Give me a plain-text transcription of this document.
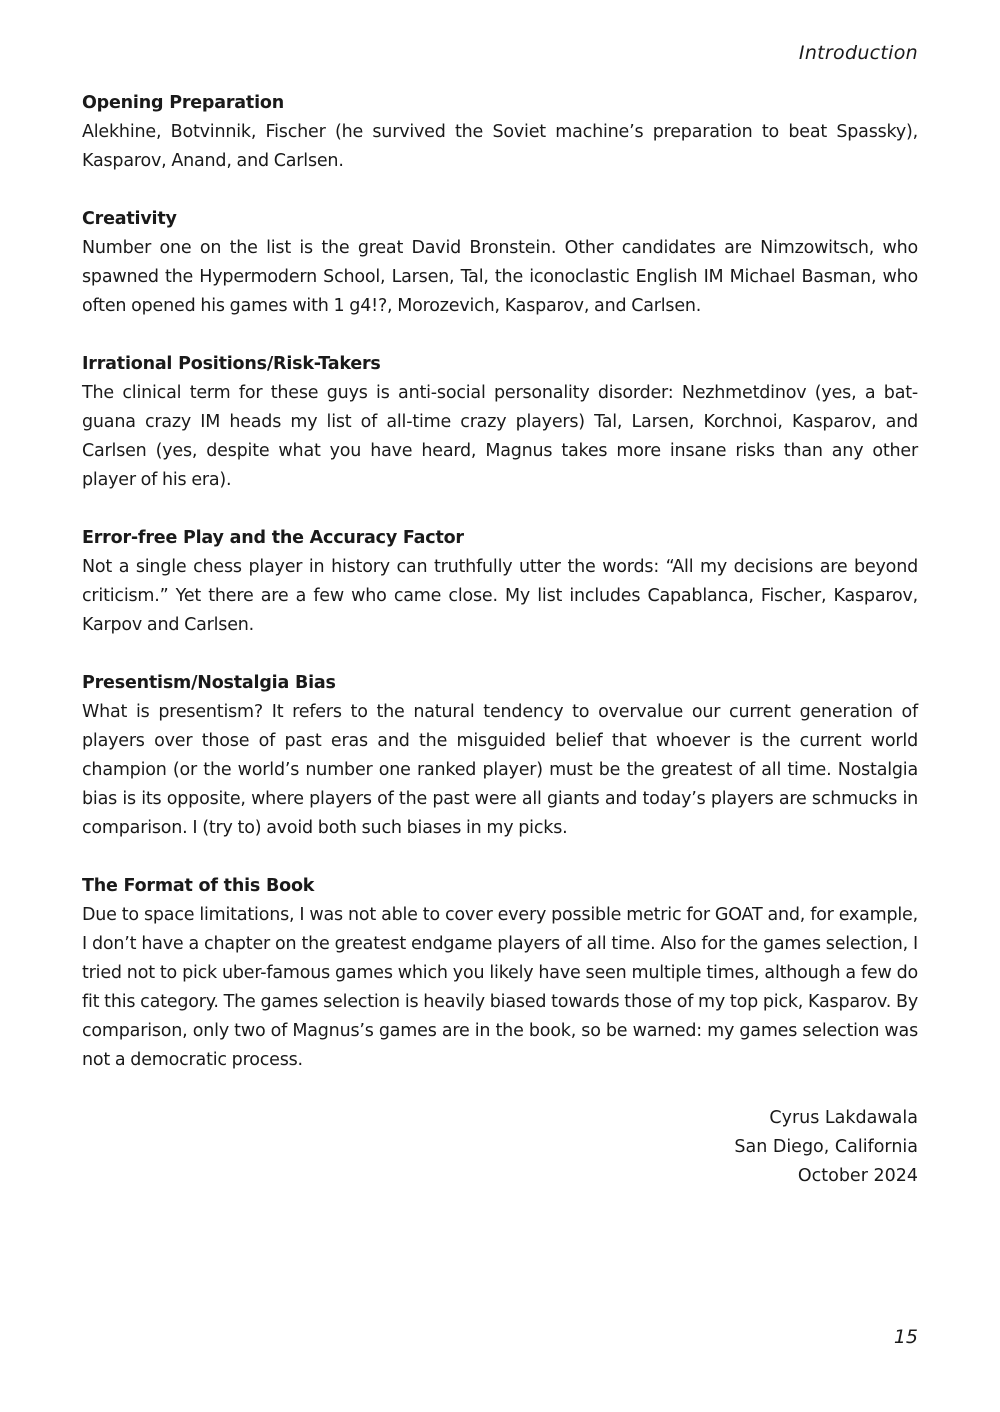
Introduction

Opening Preparation

Alekhine, Botvinnik, Fischer (he survived the Soviet machine’s preparation to beat Spassky), Kasparov, Anand, and Carlsen.

Creativity

Number one on the list is the great David Bronstein. Other candidates are Nimzowitsch, who spawned the Hypermodern School, Larsen, Tal, the iconoclastic English IM Michael Basman, who often opened his games with 1 g4!?, Morozevich, Kasparov, and Carlsen.

Irrational Positions/Risk-Takers

The clinical term for these guys is anti-social personality disorder: Nezhmetdinov (yes, a bat-guana crazy IM heads my list of all-time crazy players) Tal, Larsen, Korchnoi, Kasparov, and Carlsen (yes, despite what you have heard, Magnus takes more insane risks than any other player of his era).

Error-free Play and the Accuracy Factor

Not a single chess player in history can truthfully utter the words: “All my decisions are beyond criticism.” Yet there are a few who came close. My list includes Capablanca, Fischer, Kasparov, Karpov and Carlsen.

Presentism/Nostalgia Bias

What is presentism? It refers to the natural tendency to overvalue our current generation of players over those of past eras and the misguided belief that whoever is the current world champion (or the world’s number one ranked player) must be the greatest of all time. Nostalgia bias is its opposite, where players of the past were all giants and today’s players are schmucks in comparison. I (try to) avoid both such biases in my picks.

The Format of this Book

Due to space limitations, I was not able to cover every possible metric for GOAT and, for example, I don’t have a chapter on the greatest endgame players of all time. Also for the games selection, I tried not to pick uber-famous games which you likely have seen multiple times, although a few do fit this category. The games selection is heavily biased towards those of my top pick, Kasparov. By comparison, only two of Magnus’s games are in the book, so be warned: my games selection was not a democratic process.

Cyrus Lakdawala
San Diego, California
October 2024
15
